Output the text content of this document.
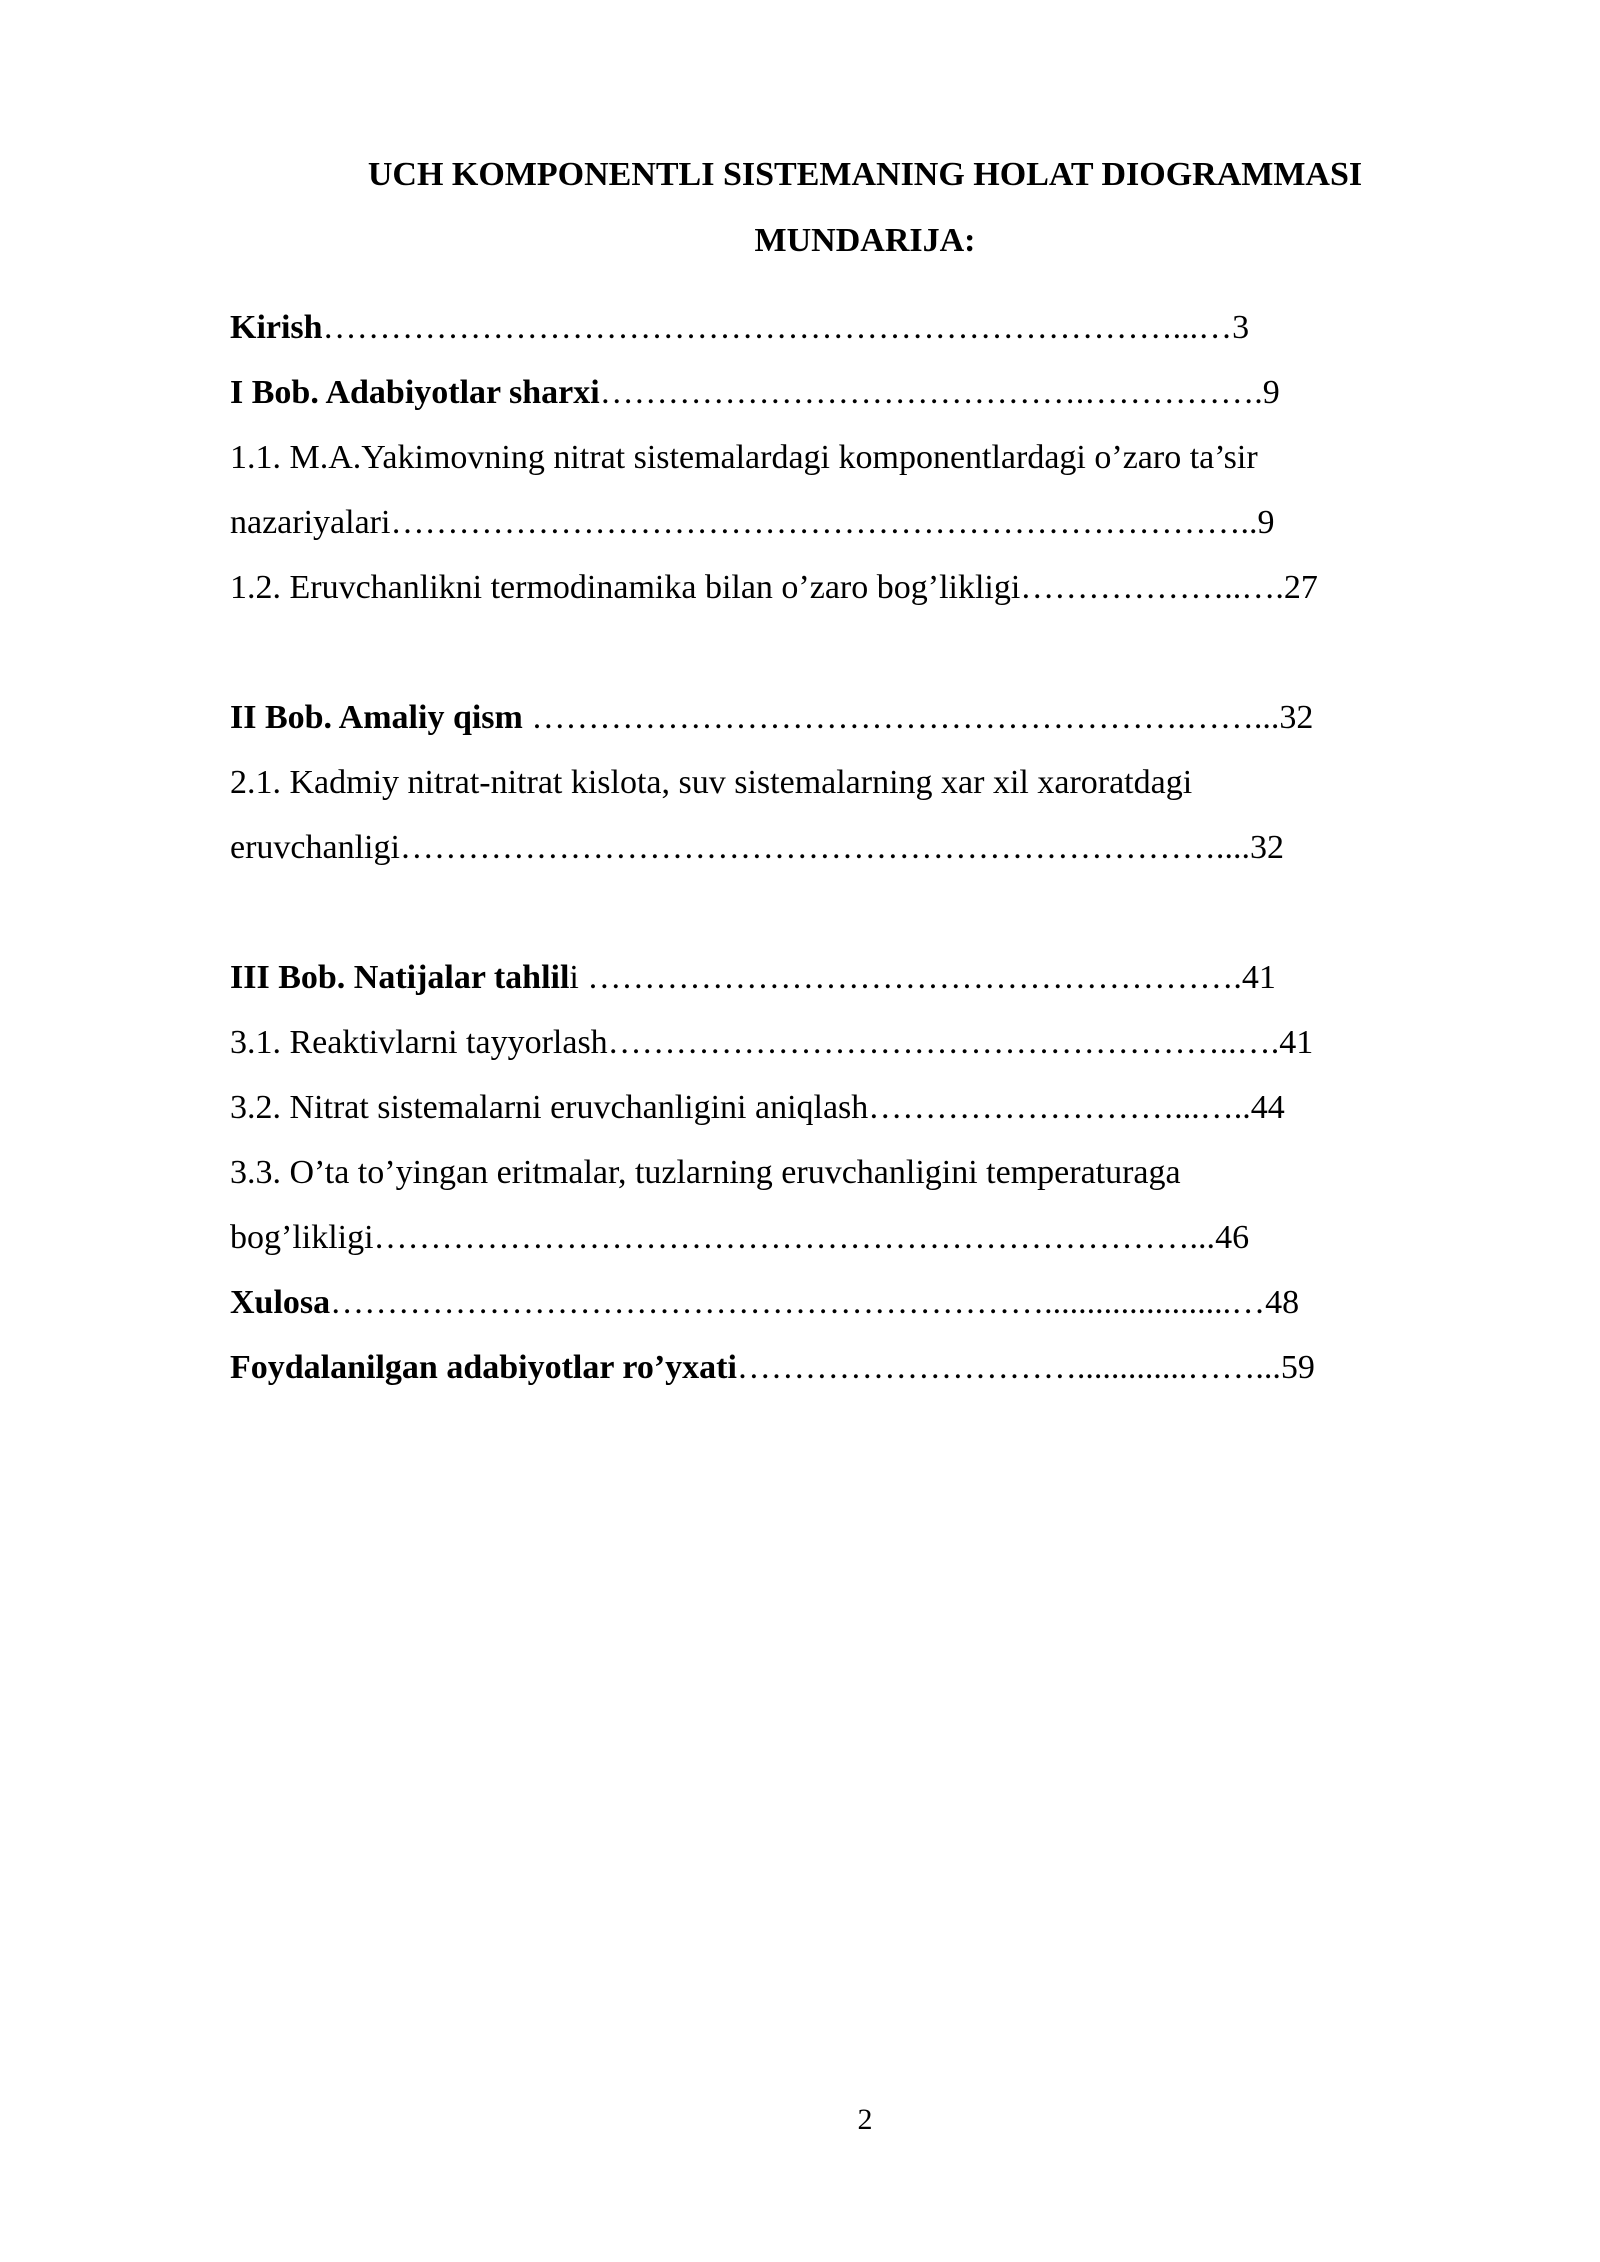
UCH KOMPONENTLI SISTEMANING HOLAT DIOGRAMMASI
MUNDARIJA:
Kirish…………………………………………………………………...…3
I Bob. Adabiyotlar sharxi…………………………………….…………….9
1.1. M.A.Yakimovning nitrat sistemalardagi komponentlardagi o’zaro ta’sir
nazariyalari…………………………………………………………………..9
1.2. Eruvchanlikni termodinamika bilan o’zaro bog’likligi………………..….27
II Bob. Amaliy qism ………………………………………………….……...32
2.1. Kadmiy nitrat-nitrat kislota, suv sistemalarning xar xil xaroratdagi
eruvchanligi………………………………………………………………....32
III Bob. Natijalar tahlili ………………………………………………….41
3.1. Reaktivlarni tayyorlash………………………………………………..….41
3.2. Nitrat sistemalarni eruvchanligini aniqlash………………………...…..44
3.3. O’ta to’yingan eritmalar, tuzlarning eruvchanligini temperaturaga
bog’likligi………………………………………………………………...46
Xulosa………………………………………………………......................…48
Foydalanilgan adabiyotlar ro’yxati………………………….............……...59
2
